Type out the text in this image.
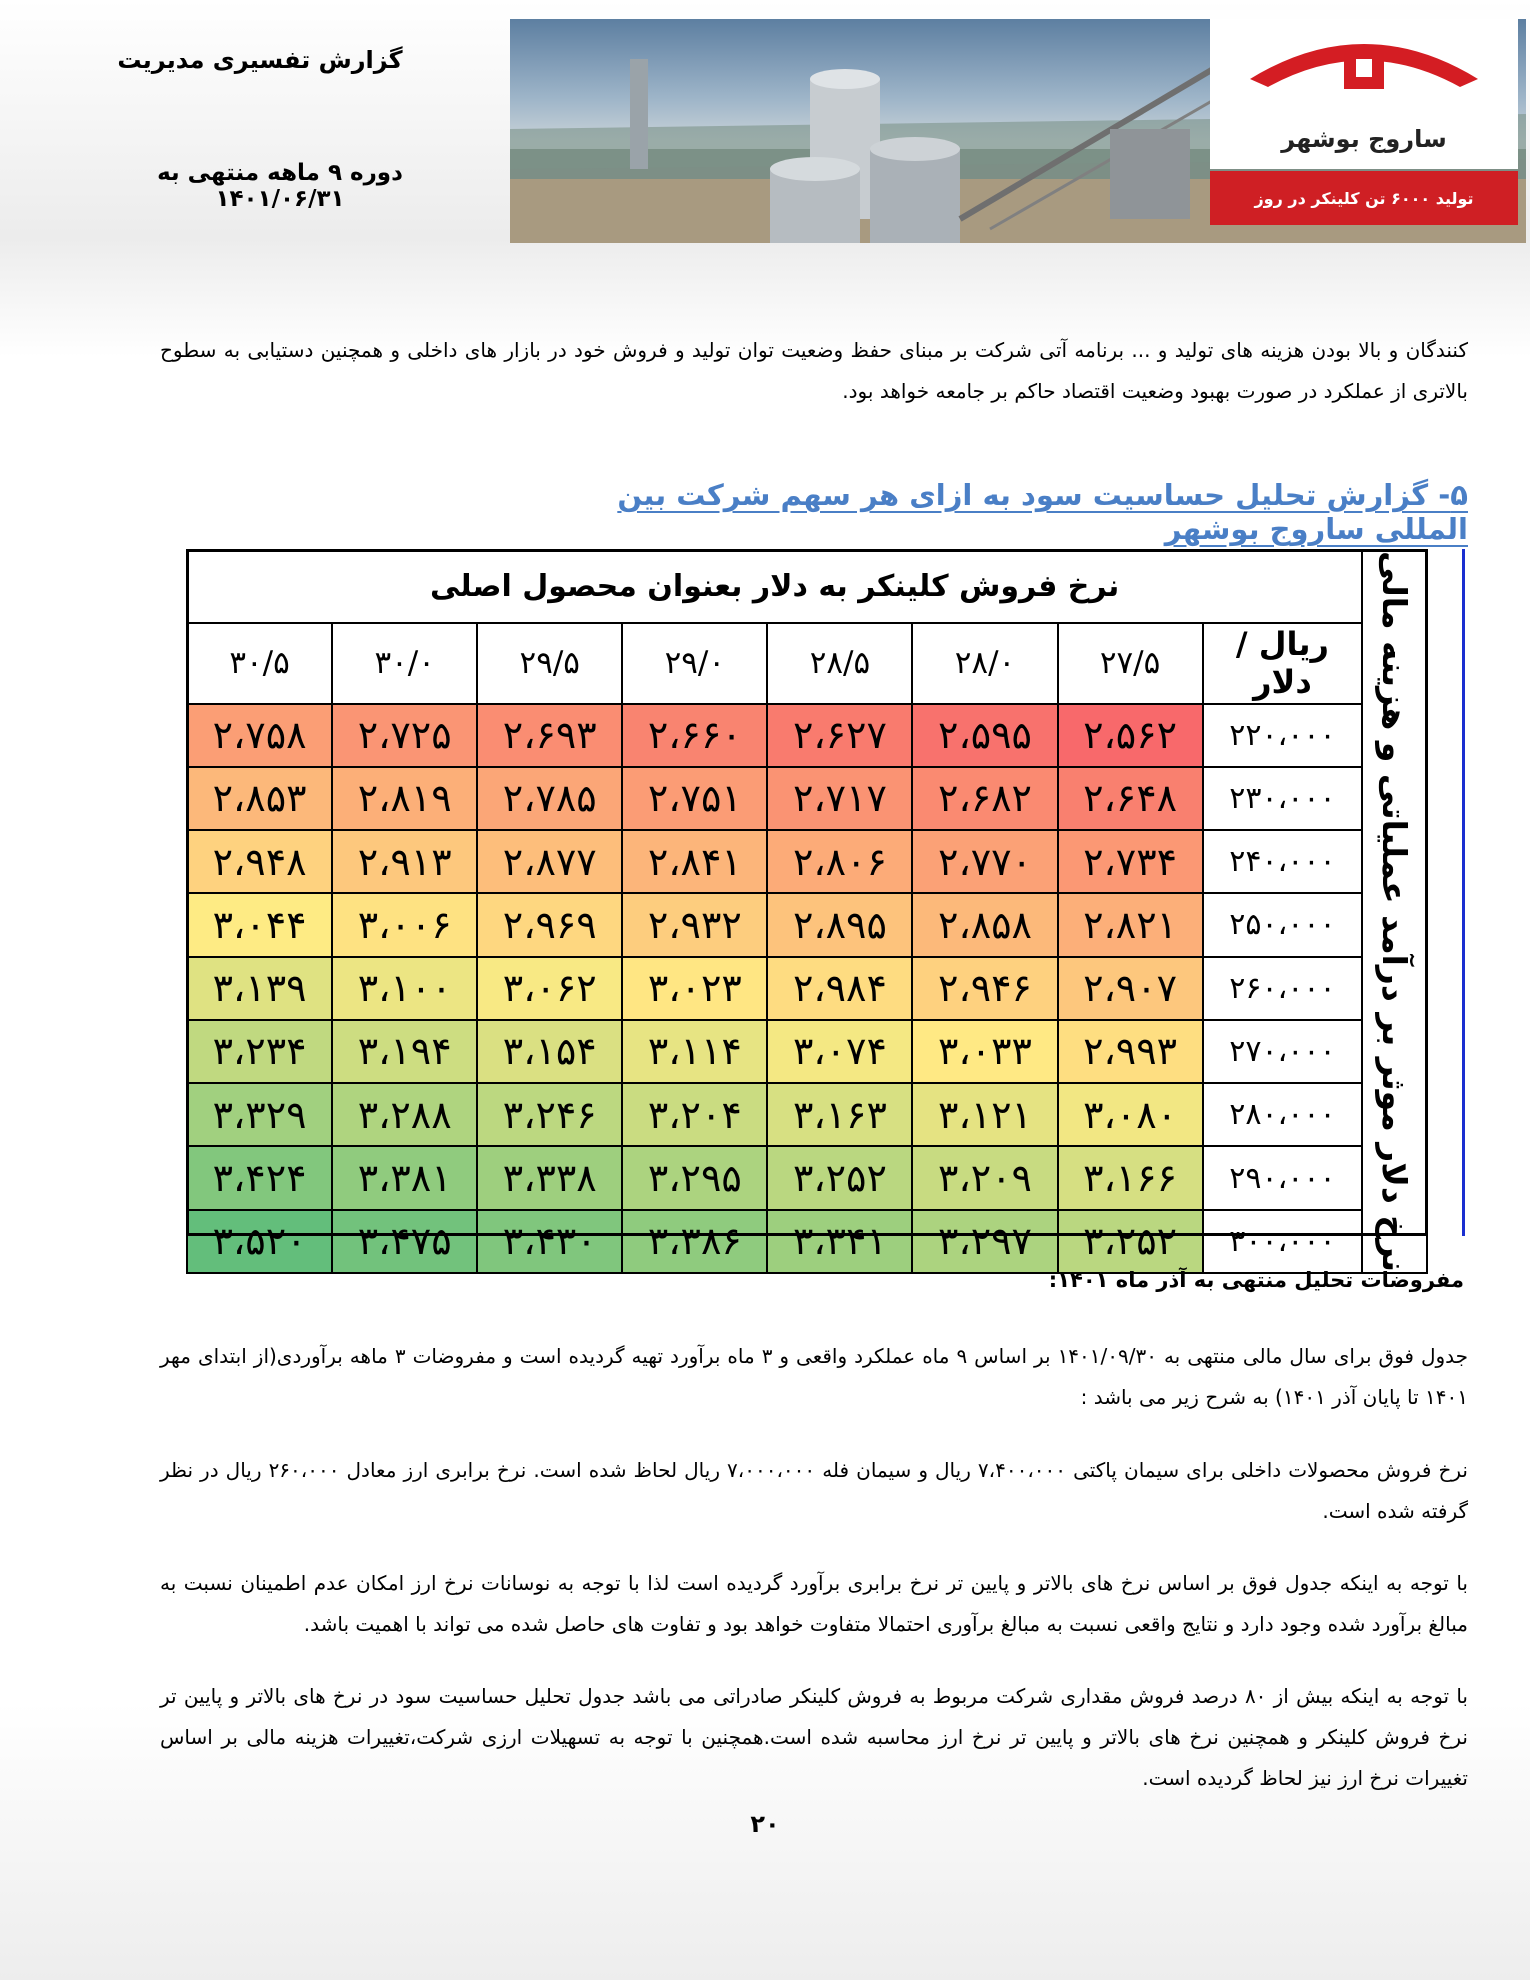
گزارش تفسیری مدیریت
دوره ۹ ماهه منتهی به ۱۴۰۱/۰۶/۳۱
ساروج بوشهر
تولید ۶۰۰۰ تن کلینکر در روز
کنندگان و بالا بودن هزینه های تولید و ... برنامه آتی شرکت بر مبنای حفظ وضعیت توان تولید و فروش خود در بازار های داخلی و همچنین دستیابی به سطوح بالاتری از عملکرد در صورت بهبود وضعیت اقتصاد حاکم بر جامعه خواهد بود.
۵- گزارش تحلیل حساسیت سود به ازای هر سهم شرکت بین المللی ساروج بوشهر
نرخ دلار موثر بر درآمد عملیاتی و هزینه مالی	نرخ فروش کلینکر به دلار بعنوان محصول اصلی							
	ریال / دلار	۲۷/۵	۲۸/۰	۲۸/۵	۲۹/۰	۲۹/۵	۳۰/۰	۳۰/۵
	۲۲۰،۰۰۰	۲،۵۶۲	۲،۵۹۵	۲،۶۲۷	۲،۶۶۰	۲،۶۹۳	۲،۷۲۵	۲،۷۵۸
	۲۳۰،۰۰۰	۲،۶۴۸	۲،۶۸۲	۲،۷۱۷	۲،۷۵۱	۲،۷۸۵	۲،۸۱۹	۲،۸۵۳
	۲۴۰،۰۰۰	۲،۷۳۴	۲،۷۷۰	۲،۸۰۶	۲،۸۴۱	۲،۸۷۷	۲،۹۱۳	۲،۹۴۸
	۲۵۰،۰۰۰	۲،۸۲۱	۲،۸۵۸	۲،۸۹۵	۲،۹۳۲	۲،۹۶۹	۳،۰۰۶	۳،۰۴۴
	۲۶۰،۰۰۰	۲،۹۰۷	۲،۹۴۶	۲،۹۸۴	۳،۰۲۳	۳،۰۶۲	۳،۱۰۰	۳،۱۳۹
	۲۷۰،۰۰۰	۲،۹۹۳	۳،۰۳۳	۳،۰۷۴	۳،۱۱۴	۳،۱۵۴	۳،۱۹۴	۳،۲۳۴
	۲۸۰،۰۰۰	۳،۰۸۰	۳،۱۲۱	۳،۱۶۳	۳،۲۰۴	۳،۲۴۶	۳،۲۸۸	۳،۳۲۹
	۲۹۰،۰۰۰	۳،۱۶۶	۳،۲۰۹	۳،۲۵۲	۳،۲۹۵	۳،۳۳۸	۳،۳۸۱	۳،۴۲۴
	۳۰۰،۰۰۰	۳،۲۵۲	۳،۲۹۷	۳،۳۴۱	۳،۳۸۶	۳،۴۳۰	۳،۴۷۵	۳،۵۲۰
مفروضات تحلیل منتهی به آذر ماه ۱۴۰۱:
جدول فوق برای سال مالی منتهی به ۱۴۰۱/۰۹/۳۰ بر اساس ۹ ماه عملکرد واقعی و ۳ ماه برآورد تهیه گردیده است و مفروضات ۳ ماهه برآوردی(از ابتدای مهر ۱۴۰۱ تا پایان آذر ۱۴۰۱) به شرح زیر می باشد :
نرخ فروش محصولات داخلی برای سیمان پاکتی ۷،۴۰۰،۰۰۰ ریال و سیمان فله ۷،۰۰۰،۰۰۰ ریال لحاظ شده است. نرخ برابری ارز معادل ۲۶۰،۰۰۰ ریال در نظر گرفته شده است.
با توجه به اینکه جدول فوق بر اساس نرخ های بالاتر و پایین تر نرخ برابری برآورد گردیده است لذا با توجه به نوسانات نرخ ارز امکان عدم اطمینان نسبت به مبالغ برآورد شده وجود دارد و نتایج واقعی نسبت به مبالغ برآوری احتمالا متفاوت خواهد بود و تفاوت های حاصل شده می تواند با اهمیت باشد.
با توجه به اینکه بیش از ۸۰ درصد فروش مقداری شرکت مربوط به فروش کلینکر صادراتی می باشد جدول تحلیل حساسیت سود در نرخ های بالاتر و پایین تر نرخ فروش کلینکر و همچنین نرخ های بالاتر و پایین تر نرخ ارز محاسبه شده است.همچنین با توجه به تسهیلات ارزی شرکت،تغییرات هزینه مالی بر اساس تغییرات نرخ ارز نیز لحاظ گردیده است.
۲۰
